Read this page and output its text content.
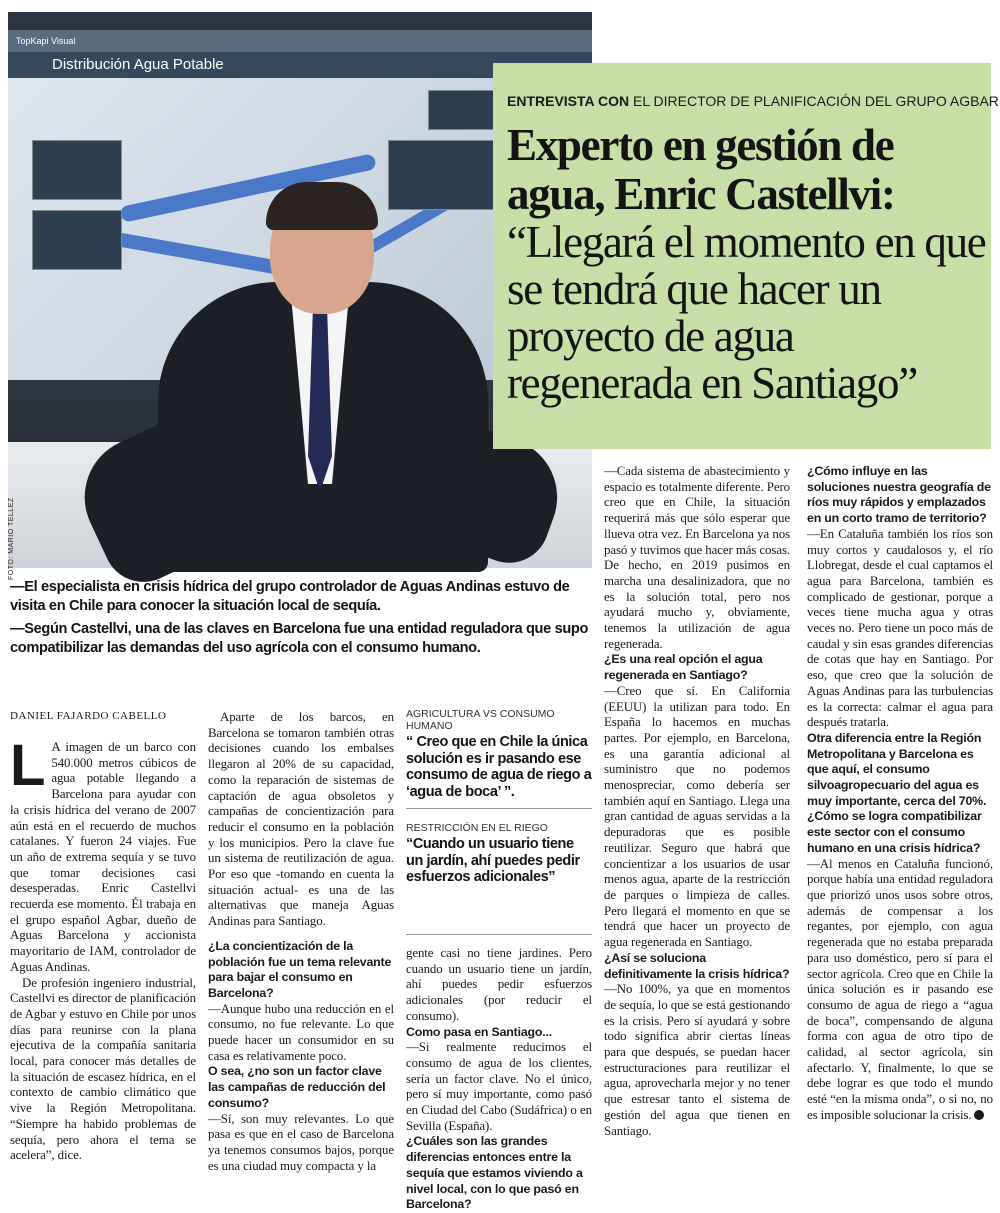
TopKapi Visual
Distribución Agua Potable
FOTO: MARIO TELLEZ
ENTREVISTA CON EL DIRECTOR DE PLANIFICACIÓN DEL GRUPO AGBAR
Experto en gestión de agua, Enric Castellvi:
“Llegará el momento en que se tendrá que hacer un proyecto de agua regenerada en Santiago”

—El especialista en crisis hídrica del grupo controlador de Aguas Andinas estuvo de visita en Chile para conocer la situación local de sequía.

—Según Castellvi, una de las claves en Barcelona fue una entidad reguladora que supo compatibilizar las demandas del uso agrícola con el consumo humano.

DANIEL FAJARDO CABELLO

L A imagen de un barco con 540.000 metros cúbicos de agua potable llegando a Barcelona para ayudar con la crisis hídrica del verano de 2007 aún está en el recuerdo de muchos catalanes. Y fueron 24 viajes. Fue un año de extrema sequía y se tuvo que tomar decisiones casi desesperadas. Enric Castellvi recuerda ese momento. Él trabaja en el grupo español Agbar, dueño de Aguas Barcelona y accionista mayoritario de IAM, controlador de Aguas Andinas.

De profesión ingeniero industrial, Castellvi es director de planificación de Agbar y estuvo en Chile por unos días para reunirse con la plana ejecutiva de la compañía sanitaria local, para conocer más detalles de la situación de escasez hídrica, en el contexto de cambio climático que vive la Región Metropolitana. “Siempre ha habido problemas de sequía, pero ahora el tema se acelera”, dice.

Aparte de los barcos, en Barcelona se tomaron también otras decisiones cuando los embalses llegaron al 20% de su capacidad, como la reparación de sistemas de captación de agua obsoletos y campañas de concientización para reducir el consumo en la población y los municipios. Pero la clave fue un sistema de reutilización de agua. Por eso que -tomando en cuenta la situación actual- es una de las alternativas que maneja Aguas Andinas para Santiago.

¿La concientización de la población fue un tema relevante para bajar el consumo en Barcelona?

—Aunque hubo una reducción en el consumo, no fue relevante. Lo que puede hacer un consumidor en su casa es relativamente poco.

O sea, ¿no son un factor clave las campañas de reducción del consumo?

—Sí, son muy relevantes. Lo que pasa es que en el caso de Barcelona ya tenemos consumos bajos, porque es una ciudad muy compacta y la

AGRICULTURA VS CONSUMO HUMANO
“ Creo que en Chile la única solución es ir pasando ese consumo de agua de riego a ‘agua de boca’ ”.
RESTRICCIÓN EN EL RIEGO
“Cuando un usuario tiene un jardín, ahí puedes pedir esfuerzos adicionales”

gente casi no tiene jardines. Pero cuando un usuario tiene un jardín, ahí puedes pedir esfuerzos adicionales (por reducir el consumo).

Como pasa en Santiago...

—Si realmente reducimos el consumo de agua de los clientes, sería un factor clave. No el único, pero sí muy importante, como pasó en Ciudad del Cabo (Sudáfrica) o en Sevilla (España).

¿Cuáles son las grandes diferencias entonces entre la sequía que estamos viviendo a nivel local, con lo que pasó en Barcelona?

—Cada sistema de abastecimiento y espacio es totalmente diferente. Pero creo que en Chile, la situación requerirá más que sólo esperar que llueva otra vez. En Barcelona ya nos pasó y tuvimos que hacer más cosas. De hecho, en 2019 pusimos en marcha una desalinizadora, que no es la solución total, pero nos ayudará mucho y, obviamente, tenemos la utilización de agua regenerada.

¿Es una real opción el agua regenerada en Santiago?

—Creo que sí. En California (EEUU) la utilizan para todo. En España lo hacemos en muchas partes. Por ejemplo, en Barcelona, es una garantía adicional al suministro que no podemos menospreciar, como debería ser también aquí en Santiago. Llega una gran cantidad de aguas servidas a la depuradoras que es posible reutilizar. Seguro que habrá que concientizar a los usuarios de usar menos agua, aparte de la restricción de parques o limpieza de calles. Pero llegará el momento en que se tendrá que hacer un proyecto de agua regenerada en Santiago.

¿Así se soluciona definitivamente la crisis hídrica?

—No 100%, ya que en momentos de sequía, lo que se está gestionando es la crisis. Pero sí ayudará y sobre todo significa abrir ciertas líneas para que después, se puedan hacer estructuraciones para reutilizar el agua, aprovecharla mejor y no tener que estresar tanto el sistema de gestión del agua que tienen en Santiago.

¿Cómo influye en las soluciones nuestra geografía de ríos muy rápidos y emplazados en un corto tramo de territorio?

—En Cataluña también los ríos son muy cortos y caudalosos y, el río Llobregat, desde el cual captamos el agua para Barcelona, también es complicado de gestionar, porque a veces tiene mucha agua y otras veces no. Pero tiene un poco más de caudal y sin esas grandes diferencias de cotas que hay en Santiago. Por eso, que creo que la solución de Aguas Andinas para las turbulencias es la correcta: calmar el agua para después tratarla.

Otra diferencia entre la Región Metropolitana y Barcelona es que aquí, el consumo silvoagropecuario del agua es muy importante, cerca del 70%. ¿Cómo se logra compatibilizar este sector con el consumo humano en una crisis hídrica?

—Al menos en Cataluña funcionó, porque había una entidad reguladora que priorizó unos usos sobre otros, además de compensar a los regantes, por ejemplo, con agua regenerada que no estaba preparada para uso doméstico, pero sí para el sector agrícola. Creo que en Chile la única solución es ir pasando ese consumo de agua de riego a “agua de boca”, compensando de alguna forma con agua de otro tipo de calidad, al sector agrícola, sin afectarlo. Y, finalmente, lo que se debe lograr es que todo el mundo esté “en la misma onda”, o si no, no es imposible solucionar la crisis.
